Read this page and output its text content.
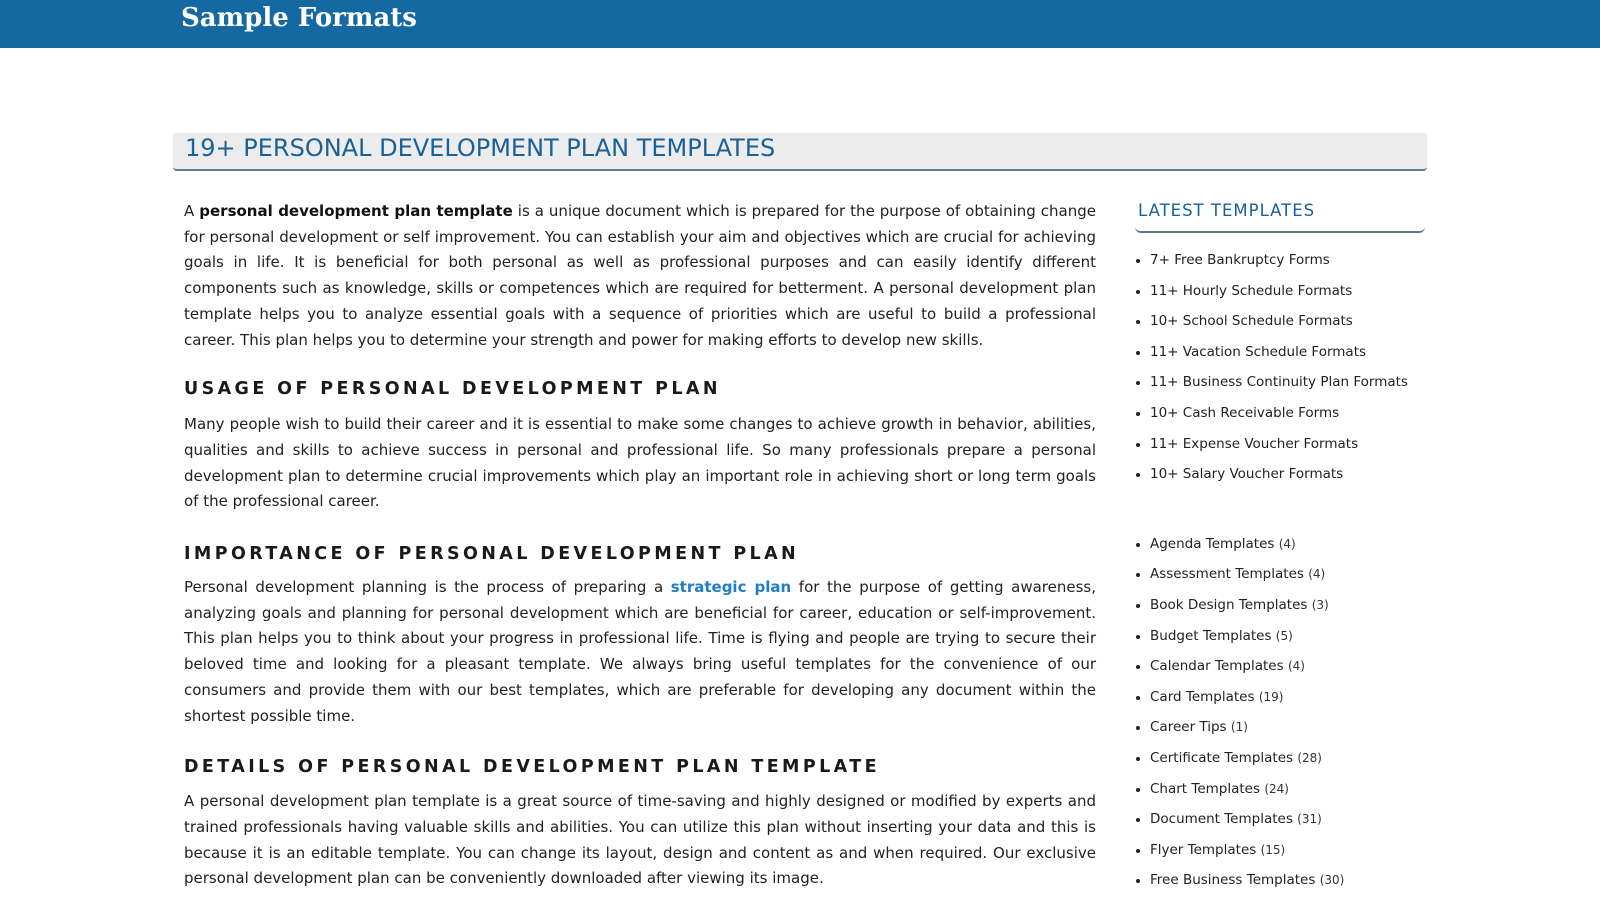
Sample Formats
19+ PERSONAL DEVELOPMENT PLAN TEMPLATES

A personal development plan template is a unique document which is prepared for the purpose of obtaining change for personal development or self improvement. You can establish your aim and objectives which are crucial for achieving goals in life. It is beneficial for both personal as well as professional purposes and can easily identify different components such as knowledge, skills or competences which are required for betterment. A personal development plan template helps you to analyze essential goals with a sequence of priorities which are useful to build a professional career. This plan helps you to determine your strength and power for making efforts to develop new skills.

USAGE OF PERSONAL DEVELOPMENT PLAN

Many people wish to build their career and it is essential to make some changes to achieve growth in behavior, abilities, qualities and skills to achieve success in personal and professional life. So many professionals prepare a personal development plan to determine crucial improvements which play an important role in achieving short or long term goals of the professional career.

IMPORTANCE OF PERSONAL DEVELOPMENT PLAN

Personal development planning is the process of preparing a strategic plan for the purpose of getting awareness, analyzing goals and planning for personal development which are beneficial for career, education or self-improvement. This plan helps you to think about your progress in professional life. Time is flying and people are trying to secure their beloved time and looking for a pleasant template. We always bring useful templates for the convenience of our consumers and provide them with our best templates, which are preferable for developing any document within the shortest possible time.

DETAILS OF PERSONAL DEVELOPMENT PLAN TEMPLATE

A personal development plan template is a great source of time-saving and highly designed or modified by experts and trained professionals having valuable skills and abilities. You can utilize this plan without inserting your data and this is because it is an editable template. You can change its layout, design and content as and when required. Our exclusive personal development plan can be conveniently downloaded after viewing its image.

LATEST TEMPLATES
• 7+ Free Bankruptcy Forms
• 11+ Hourly Schedule Formats
• 10+ School Schedule Formats
• 11+ Vacation Schedule Formats
• 11+ Business Continuity Plan Formats
• 10+ Cash Receivable Forms
• 11+ Expense Voucher Formats
• 10+ Salary Voucher Formats
• Agenda Templates (4)
• Assessment Templates (4)
• Book Design Templates (3)
• Budget Templates (5)
• Calendar Templates (4)
• Card Templates (19)
• Career Tips (1)
• Certificate Templates (28)
• Chart Templates (24)
• Document Templates (31)
• Flyer Templates (15)
• Free Business Templates (30)
